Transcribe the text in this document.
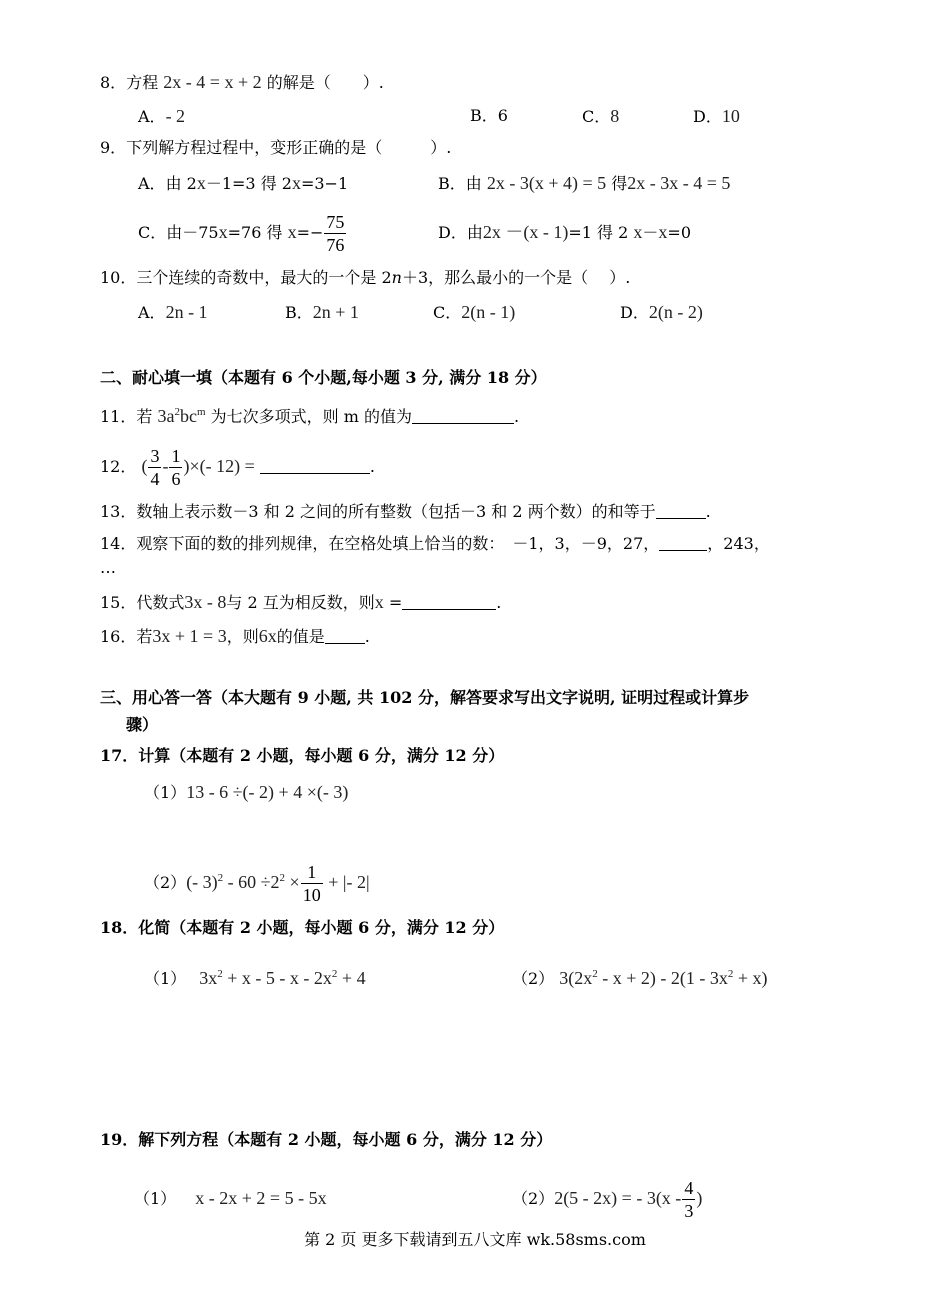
8．方程 2x - 4 = x + 2 的解是（　　）.
A．- 2	B．6	C．8	D．10
9．下列解方程过程中，变形正确的是（　　　）.
A．由 2x－1=3 得 2x=3−1	B．由 2x - 3(x + 4) = 5 得2x - 3x - 4 = 5
C．由－75x=76 得 $x=- \frac{75}{76}$	D．由2x －(x - 1)=1 得 2 x－x=0
10．三个连续的奇数中，最大的一个是 2n＋3，那么最小的一个是（　 ）.
A．2n - 1	B．2n + 1	C．2(n - 1)	D．2(n - 2)
二、耐心填一填（本题有 6 个小题,每小题 3 分, 满分 18 分）
11．若 $3a^2bc^m$ 为七次多项式，则 m 的值为	.
12． ( $\frac{3}{4} - \frac{1}{6}$ )×(- 12) =	.
13．数轴上表示数－3 和 2 之间的所有整数（包括－3 和 2 两个数）的和等于	.
14．观察下面的数的排列规律，在空格处填上恰当的数：　－1，3，－9，27，	，243，
…
15．代数式3x - 8与 2 互为相反数，则x =	.
16．若3x + 1 = 3，则6x的值是	.
三、用心答一答（本大题有 9 小题, 共 102 分，解答要求写出文字说明, 证明过程或计算步
骤）
17．计算（本题有 2 小题，每小题 6 分，满分 12 分）
（1）13 - 6 ÷(- 2) + 4 ×(- 3)
（2）(- $3)^2 - 60 \div 2^2 \times \frac{1}{10}$ + |- 2|
18．化简（本题有 2 小题，每小题 6 分，满分 12 分）
（1） $3x^2 + x - 5 - x - 2x^2 + 4$	（2） $3(2x^2 - x + 2) - 2(1 - 3x^2 + x)$
19．解下列方程（本题有 2 小题，每小题 6 分，满分 12 分）
（1） x - 2x + 2 = 5 - 5x	（2）2(5 - 2x) = - $3(x - \frac{4}{3}$ )
第 2 页 更多下载请到五八文库 wk.58sms.com
